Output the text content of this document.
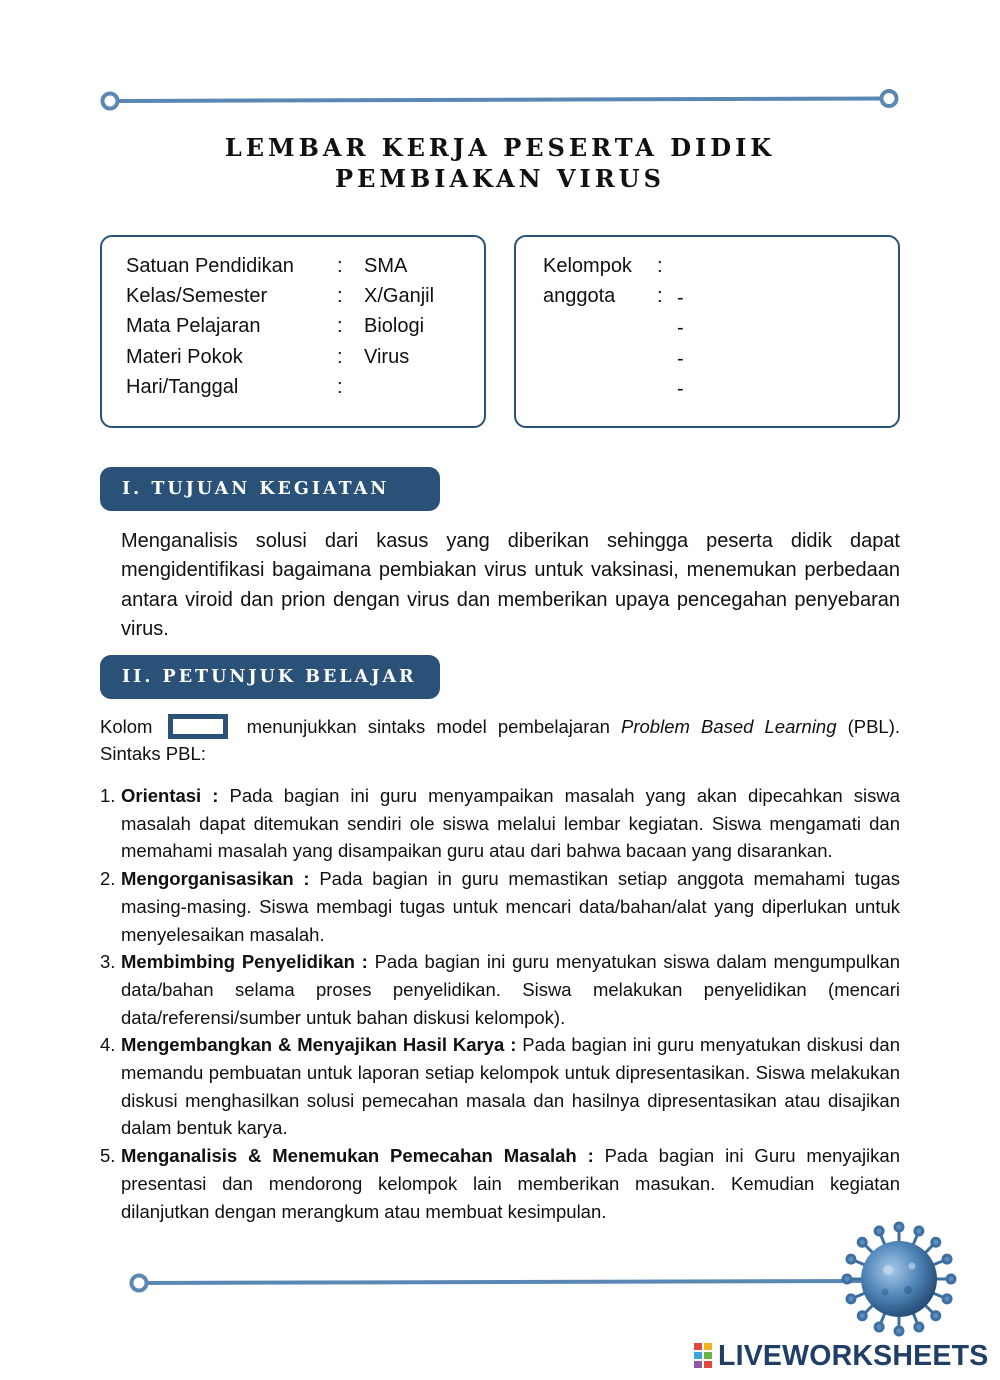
LEMBAR KERJA PESERTA DIDIK
PEMBIAKAN VIRUS
Satuan Pendidikan : SMA
Kelas/Semester	: X/Ganjil
Mata Pelajaran	: Biologi
Materi Pokok	: Virus
Hari/Tanggal	:
Kelompok :
anggota : -
-
-
-
I. TUJUAN KEGIATAN
Menganalisis solusi dari kasus yang diberikan sehingga peserta didik dapat mengidentifikasi bagaimana pembiakan virus untuk vaksinasi, menemukan perbedaan antara viroid dan prion dengan virus dan memberikan upaya pencegahan penyebaran virus.
II. PETUNJUK BELAJAR
Kolom	menunjukkan sintaks model pembelajaran Problem Based Learning (PBL).
Sintaks PBL:
1. Orientasi : Pada bagian ini guru menyampaikan masalah yang akan dipecahkan siswa masalah dapat ditemukan sendiri ole siswa melalui lembar kegiatan. Siswa mengamati dan memahami masalah yang disampaikan guru atau dari bahwa bacaan yang disarankan.
2. Mengorganisasikan : Pada bagian in guru memastikan setiap anggota memahami tugas masing-masing. Siswa membagi tugas untuk mencari data/bahan/alat yang diperlukan untuk menyelesaikan masalah.
3. Membimbing Penyelidikan : Pada bagian ini guru menyatukan siswa dalam mengumpulkan data/bahan selama proses penyelidikan. Siswa melakukan penyelidikan (mencari data/referensi/sumber untuk bahan diskusi kelompok).
4. Mengembangkan & Menyajikan Hasil Karya : Pada bagian ini guru menyatukan diskusi dan memandu pembuatan untuk laporan setiap kelompok untuk dipresentasikan. Siswa melakukan diskusi menghasilkan solusi pemecahan masala dan hasilnya dipresentasikan atau disajikan dalam bentuk karya.
5. Menganalisis & Menemukan Pemecahan Masalah : Pada bagian ini Guru menyajikan presentasi dan mendorong kelompok lain memberikan masukan. Kemudian kegiatan dilanjutkan dengan merangkum atau membuat kesimpulan.
LIVEWORKSHEETS
